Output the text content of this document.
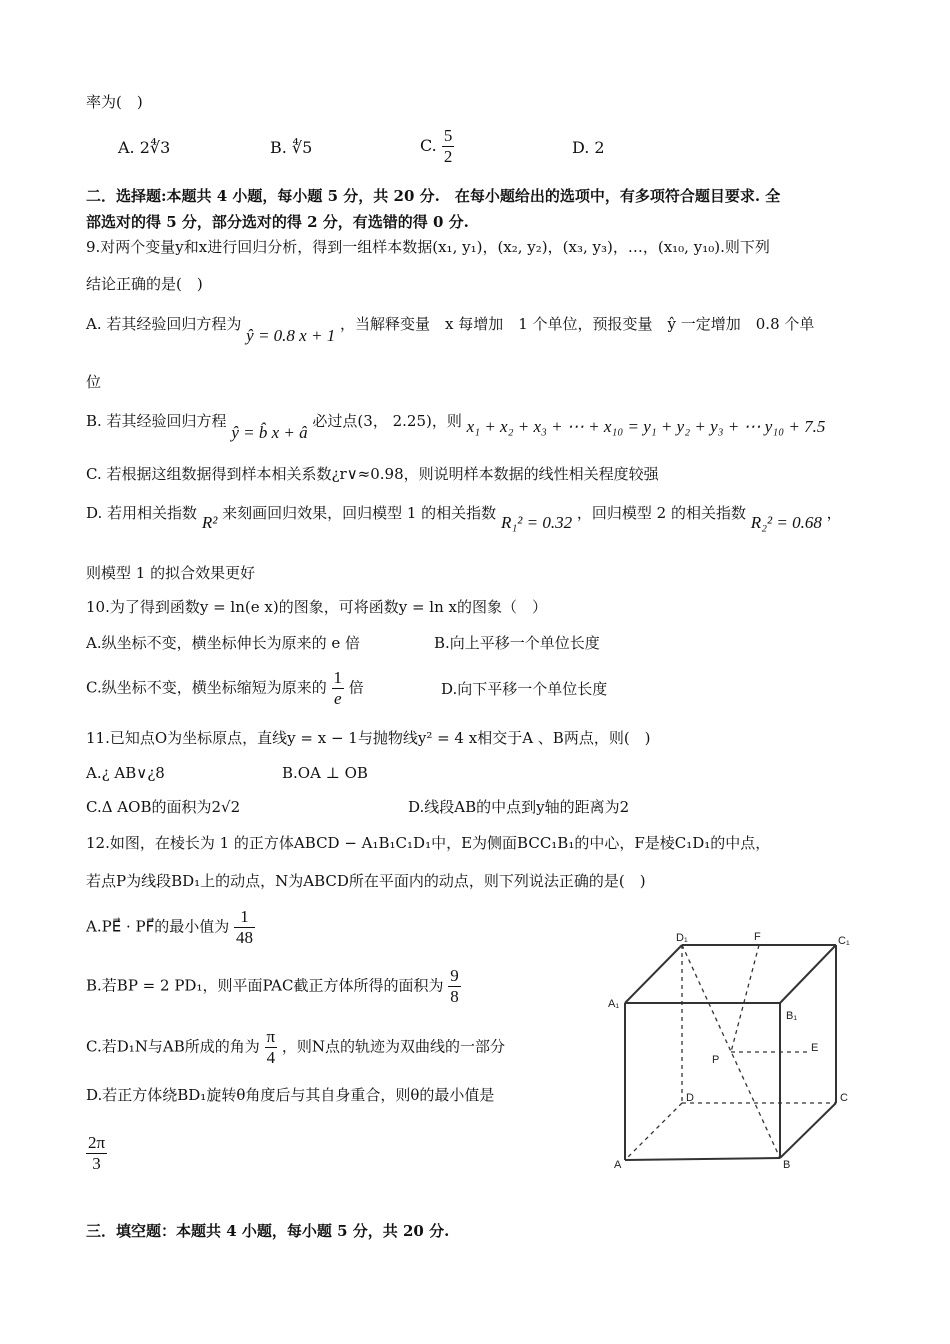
率为(　)
A. 2∜3	B. ∜5	C. $\frac{5}{2}$	D. 2
二．选择题:本题共 4 小题，每小题 5 分，共 20 分.　在每小题给出的选项中，有多项符合题目要求. 全
部选对的得 5 分，部分选对的得 2 分，有选错的得 0 分.
9.对两个变量y和x进行回归分析，得到一组样本数据(x₁, y₁)，(x₂, y₂)，(x₃, y₃)，…，(x₁₀, y₁₀).则下列
结论正确的是(　)
A. 若其经验回归方程为 ŷ = 0.8 x + 1 ，当解释变量　x 每增加　1 个单位，预报变量　ŷ 一定增加　0.8 个单
位
B. 若其经验回归方程 ŷ = b̂ x + â 必过点(3， 2.25)，则 x₁ + x₂ + x₃ + ⋯ + x₁₀ = y₁ + y₂ + y₃ + ⋯ y₁₀ + 7.5
C. 若根据这组数据得到样本相关系数¿r∨≈0.98，则说明样本数据的线性相关程度较强
D. 若用相关指数 R² 来刻画回归效果，回归模型 1 的相关指数 R₁² = 0.32 ，回归模型 2 的相关指数 R₂² = 0.68 ，
则模型 1 的拟合效果更好
10.为了得到函数y = ln(e x)的图象，可将函数y = ln x的图象（　）
A.纵坐标不变，横坐标伸长为原来的 e 倍	B.向上平移一个单位长度
C.纵坐标不变，横坐标缩短为原来的 $\frac{1}{e}$ 倍	D.向下平移一个单位长度
11.已知点O为坐标原点，直线y = x − 1与抛物线y² = 4 x相交于A 、B两点，则(　)
A.¿ AB∨¿8	B.OA ⊥ OB
C.Δ AOB的面积为2√2	D.线段AB的中点到y轴的距离为2
12.如图，在棱长为 1 的正方体ABCD − A₁B₁C₁D₁中，E为侧面BCC₁B₁的中心，F是棱C₁D₁的中点，
若点P为线段BD₁上的动点，N为ABCD所在平面内的动点，则下列说法正确的是(　)
A.PE⃗ · PF⃗的最小值为 $\frac{1}{48}$
B.若BP = 2 PD₁，则平面PAC截正方体所得的面积为 $\frac{9}{8}$
C.若D₁N与AB所成的角为 $\frac{\pi}{4}$ ，则N点的轨迹为双曲线的一部分
D.若正方体绕BD₁旋转θ角度后与其自身重合，则θ的最小值是
$\frac{2\pi}{3}$
D₁	F	C₁
A₁
B₁
P
E
D	C
A	B
三．填空题：本题共 4 小题，每小题 5 分，共 20 分.
